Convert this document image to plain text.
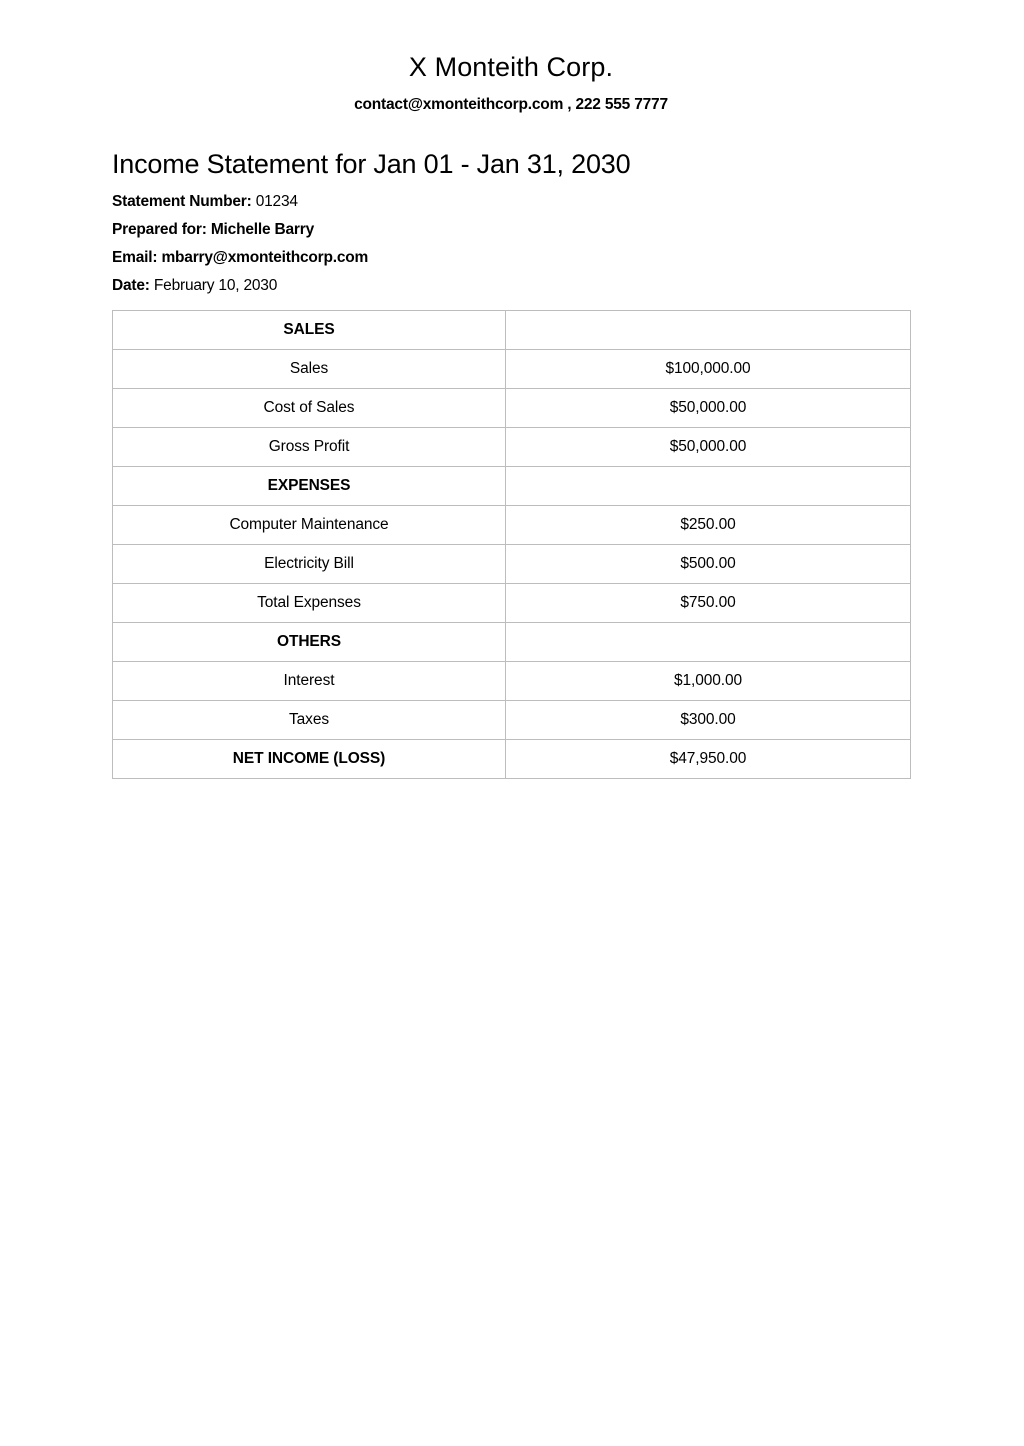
X Monteith Corp.
contact@xmonteithcorp.com , 222 555 7777
Income Statement for Jan 01 - Jan 31, 2030
Statement Number: 01234
Prepared for: Michelle Barry
Email: mbarry@xmonteithcorp.com
Date: February 10, 2030
SALES	
Sales	$100,000.00
Cost of Sales	$50,000.00
Gross Profit	$50,000.00
EXPENSES	
Computer Maintenance	$250.00
Electricity Bill	$500.00
Total Expenses	$750.00
OTHERS	
Interest	$1,000.00
Taxes	$300.00
NET INCOME (LOSS)	$47,950.00
